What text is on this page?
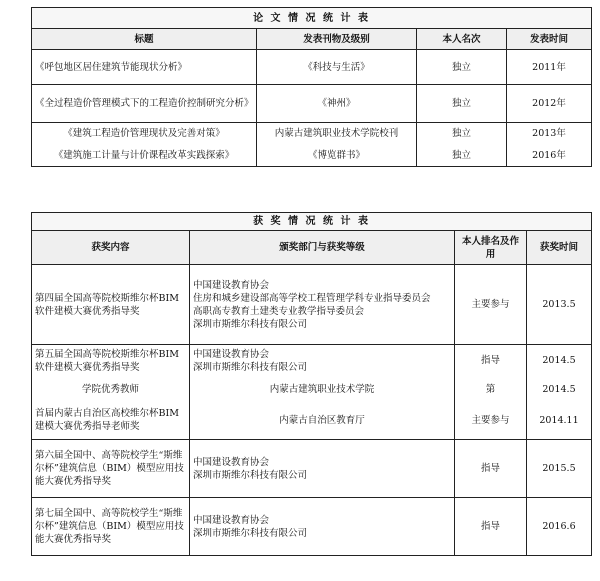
论 文 情 况 统 计 表			
标题	发表刊物及级别	本人名次	发表时间
《呼包地区居住建筑节能现状分析》	《科技与生活》	独立	2011年
《全过程造价管理模式下的工程造价控制研究分析》	《神州》	独立	2012年
《建筑工程造价管理现状及完善对策》	内蒙古建筑职业技术学院校刊	独立	2013年
《建筑施工计量与计价课程改革实践探索》	《博览群书》	独立	2016年
获 奖 情 况 统 计 表			
获奖内容	颁奖部门与获奖等级	本人排名及作用	获奖时间
第四届全国高等院校斯维尔杯BIM软件建模大赛优秀指导奖	中国建设教育协会
住房和城乡建设部高等学校工程管理学科专业指导委员会
高职高专教育土建类专业教学指导委员会
深圳市斯维尔科技有限公司	主要参与	2013.5
第五届全国高等院校斯维尔杯BIM软件建模大赛优秀指导奖	中国建设教育协会
深圳市斯维尔科技有限公司	指导	2014.5
学院优秀教师	内蒙古建筑职业技术学院	第	2014.5
首届内蒙古自治区高校维尔杯BIM建模大赛优秀指导老师奖	内蒙古自治区教育厅	主要参与	2014.11
第六届全国中、高等院校学生“斯维尔杯”建筑信息（BIM）模型应用技能大赛优秀指导奖	中国建设教育协会
深圳市斯维尔科技有限公司	指导	2015.5
第七届全国中、高等院校学生“斯维尔杯”建筑信息（BIM）模型应用技能大赛优秀指导奖	中国建设教育协会
深圳市斯维尔科技有限公司	指导	2016.6
